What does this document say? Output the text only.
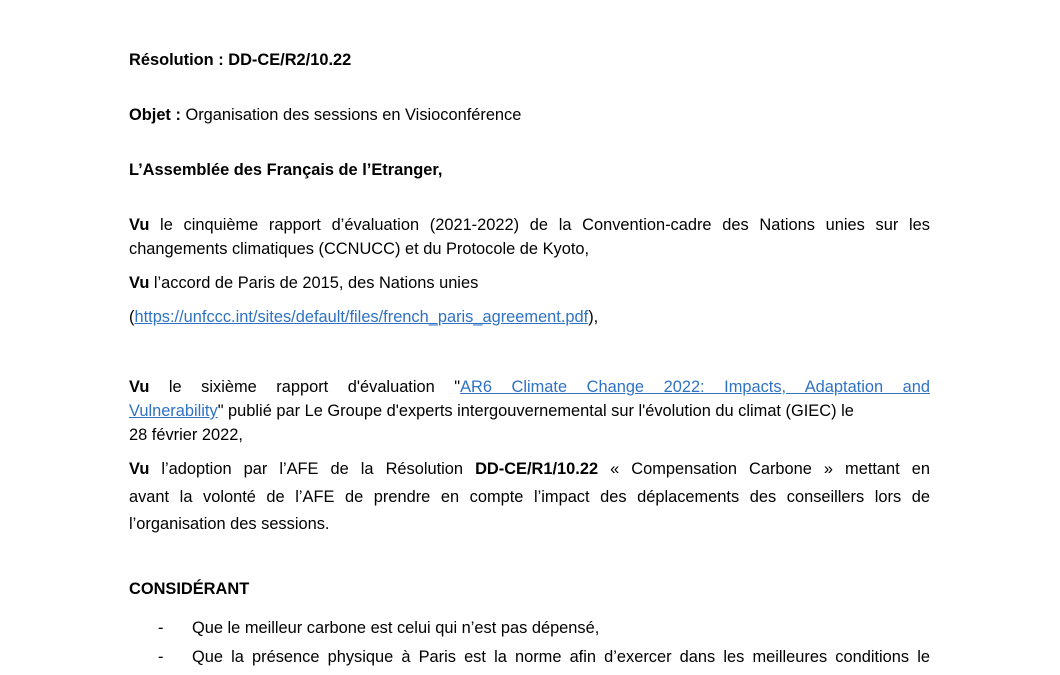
Résolution : DD-CE/R2/10.22
Objet : Organisation des sessions en Visioconférence
L’Assemblée des Français de l’Etranger,
Vu le cinquième rapport d’évaluation (2021-2022) de la Convention-cadre des Nations unies sur les
changements climatiques (CCNUCC) et du Protocole de Kyoto,
Vu l’accord de Paris de 2015, des Nations unies
(https://unfccc.int/sites/default/files/french_paris_agreement.pdf),
Vu le sixième rapport d'évaluation "AR6 Climate Change 2022: Impacts, Adaptation and
Vulnerability" publié par Le Groupe d'experts intergouvernemental sur l'évolution du climat (GIEC) le
28 février 2022,
Vu l’adoption par l’AFE de la Résolution DD-CE/R1/10.22 « Compensation Carbone » mettant en
avant la volonté de l’AFE de prendre en compte l’impact des déplacements des conseillers lors de
l’organisation des sessions.
CONSIDÉRANT
- Que le meilleur carbone est celui qui n’est pas dépensé,
- Que la présence physique à Paris est la norme afin d’exercer dans les meilleures conditions le
